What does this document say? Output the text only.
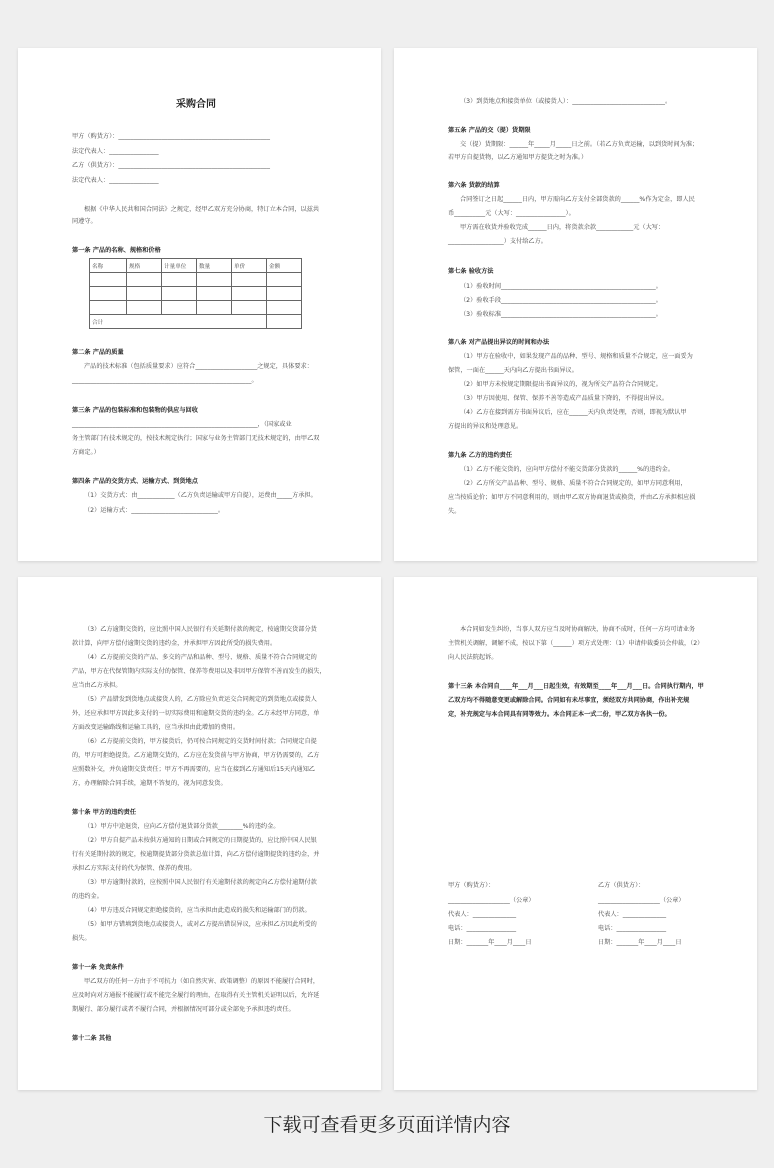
采购合同
甲方（购货方）：_________________________________________________
法定代表人：________________
乙方（供货方）：_________________________________________________
法定代表人：________________
根据《中华人民共和国合同法》之规定，经甲乙双方充分协商，特订立本合同，以兹共
同遵守。
第一条 产品的名称、规格和价格
名称	规格	计量单位	数量	单价	金额

合计					
第二条 产品的质量
产品的技术标准（包括质量要求）应符合____________________之规定，具体要求：
__________________________________________________________。
第三条 产品的包装标准和包装物的供应与回收
____________________________________________________________，（国家或业
务主管部门有技术规定的，按技术规定执行；国家与业务主管部门无技术规定的，由甲乙双
方商定。）
第四条 产品的交货方式、运输方式、到货地点
（1）交货方式：由____________（乙方负责运输或甲方自提），运费由_____方承担。
（2）运输方式：____________________________。
（3）到货地点和接货单位（或接货人）：______________________________。
第五条 产品的交（提）货期限
交（提）货期限：______年_____月_____日之前。（若乙方负责运输，以到货时间为准；
若甲方自提货物，以乙方通知甲方提货之时为准。）
第六条 货款的结算
合同签订之日起______日内，甲方需向乙方支付全部货款的______%作为定金，即人民
币__________元（大写：________________）。
甲方需在收货并验收完成______日内，将货款余款____________元（大写：
__________________）支付给乙方。
第七条 验收方法
（1）验收时间__________________________________________________。
（2）验收手段__________________________________________________。
（3）验收标准__________________________________________________。
第八条 对产品提出异议的时间和办法
（1）甲方在验收中，如果发现产品的品种、型号、规格和质量不合规定，应一面妥为
保管，一面在______天内向乙方提出书面异议。
（2）如甲方未按规定期限提出书面异议的，视为所交产品符合合同规定。
（3）甲方因使用、保管、保养不善等造成产品质量下降的，不得提出异议。
（4）乙方在接到需方书面异议后，应在______天内负责处理，否则，即视为默认甲
方提出的异议和处理意见。
第九条 乙方的违约责任
（1）乙方不能交货的，应向甲方偿付不能交货部分货款的______%的违约金。
（2）乙方所交产品品种、型号、规格、质量不符合合同规定的，如甲方同意利用，
应当按质论价；如甲方不同意利用的，则由甲乙双方协商退货或换货，并由乙方承担相应损
失。
（3）乙方逾期交货的，应比照中国人民银行有关延期付款的规定，按逾期交货部分货
款计算，向甲方偿付逾期交货的违约金，并承担甲方因此所受的损失费用。
（4）乙方提前交货的产品、多交的产品和品种、型号、规格、质量不符合合同规定的
产品，甲方在代保管期内实际支付的保管、保养等费用以及非因甲方保管不善而发生的损失，
应当由乙方承担。
（5）产品错发到货地点或接货人的，乙方除应负责运交合同规定的到货地点或接货人
外，还应承担甲方因此多支付的一切实际费用和逾期交货的违约金。乙方未经甲方同意，单
方面改变运输路线和运输工具的，应当承担由此增加的费用。
（6）乙方提前交货的，甲方接货后，仍可按合同规定的交货时间付款；合同规定自提
的，甲方可拒绝提货。乙方逾期交货的，乙方应在发货前与甲方协商，甲方仍需要的，乙方
应照数补交，并负逾期交货责任；甲方不再需要的，应当在接到乙方通知后15天内通知乙
方，办理解除合同手续，逾期不答复的，视为同意发货。
第十条 甲方的违约责任
（1）甲方中途退货，应向乙方偿付退货部分货款________%的违约金。
（2）甲方自提产品未按供方通知的日期或合同规定的日期提货的，应比照中国人民银
行有关延期付款的规定，按逾期提货部分货款总值计算，向乙方偿付逾期提货的违约金，并
承担乙方实际支付的代为保管、保养的费用。
（3）甲方逾期付款的，应按照中国人民银行有关逾期付款的规定向乙方偿付逾期付款
的违约金。
（4）甲方违反合同规定拒绝接货的，应当承担由此造成的损失和运输部门的罚款。
（5）如甲方错填到货地点或接货人，或对乙方提出错误异议，应承担乙方因此所受的
损失。
第十一条 免责条件
甲乙双方的任何一方由于不可抗力（如自然灾害、政策调整）的原因不能履行合同时，
应及时向对方通报不能履行或不能完全履行的理由，在取得有关主管机关证明以后，允许延
期履行、部分履行或者不履行合同，并根据情况可部分或全部免予承担违约责任。
第十二条 其他
本合同如发生纠纷，当事人双方应当及时协商解决，协商不成时，任何一方均可请业务
主管机关调解，调解不成，按以下第（______）项方式处理：（1）申请仲裁委员会仲裁，（2）
向人民法院起诉。
第十三条 本合同自____年___月___日起生效，有效期至____年___月___日。合同执行期内，甲
乙双方均不得随意变更或解除合同。合同如有未尽事宜，须经双方共同协商，作出补充规
定，补充规定与本合同具有同等效力。本合同正本一式二份，甲乙双方各执一份。
甲方（购货方）：
____________________（公章）
代表人：______________
电话：________________
日期：_______年____月____日
乙方（供货方）：
____________________（公章）
代表人：______________
电话：________________
日期：_______年____月____日
下载可查看更多页面详情内容
